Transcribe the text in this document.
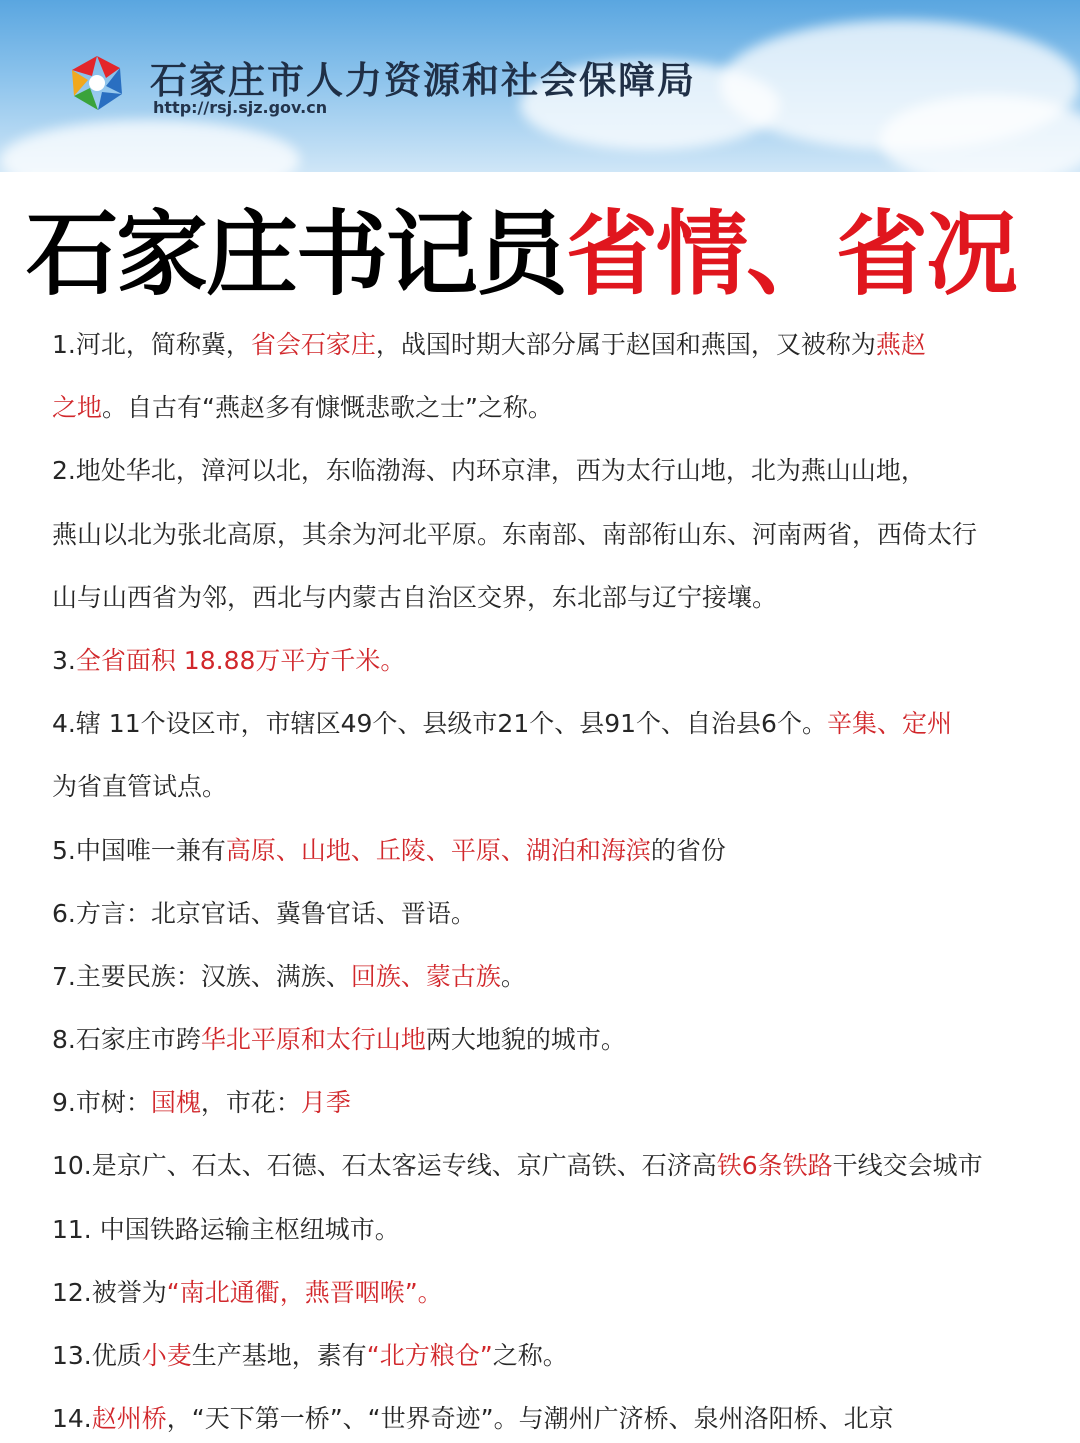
石家庄市人力资源和社会保障局
http://rsj.sjz.gov.cn
石家庄书记员省情、省况
1.河北，简称冀，省会石家庄，战国时期大部分属于赵国和燕国，又被称为燕赵
之地。自古有“燕赵多有慷慨悲歌之士”之称。
2.地处华北，漳河以北，东临渤海、内环京津，西为太行山地，北为燕山山地，
燕山以北为张北高原，其余为河北平原。东南部、南部衔山东、河南两省，西倚太行
山与山西省为邻，西北与内蒙古自治区交界，东北部与辽宁接壤。
3.全省面积 18.88万平方千米。
4.辖 11个设区市，市辖区49个、县级市21个、县91个、自治县6个。辛集、定州
为省直管试点。
5.中国唯一兼有高原、山地、丘陵、平原、湖泊和海滨的省份
6.方言：北京官话、冀鲁官话、晋语。
7.主要民族：汉族、满族、回族、蒙古族。
8.石家庄市跨华北平原和太行山地两大地貌的城市。
9.市树：国槐，市花：月季
10.是京广、石太、石德、石太客运专线、京广高铁、石济高铁6条铁路干线交会城市
11. 中国铁路运输主枢纽城市。
12.被誉为“南北通衢，燕晋咽喉”。
13.优质小麦生产基地，素有“北方粮仓”之称。
14.赵州桥，“天下第一桥”、“世界奇迹”。与潮州广济桥、泉州洛阳桥、北京
